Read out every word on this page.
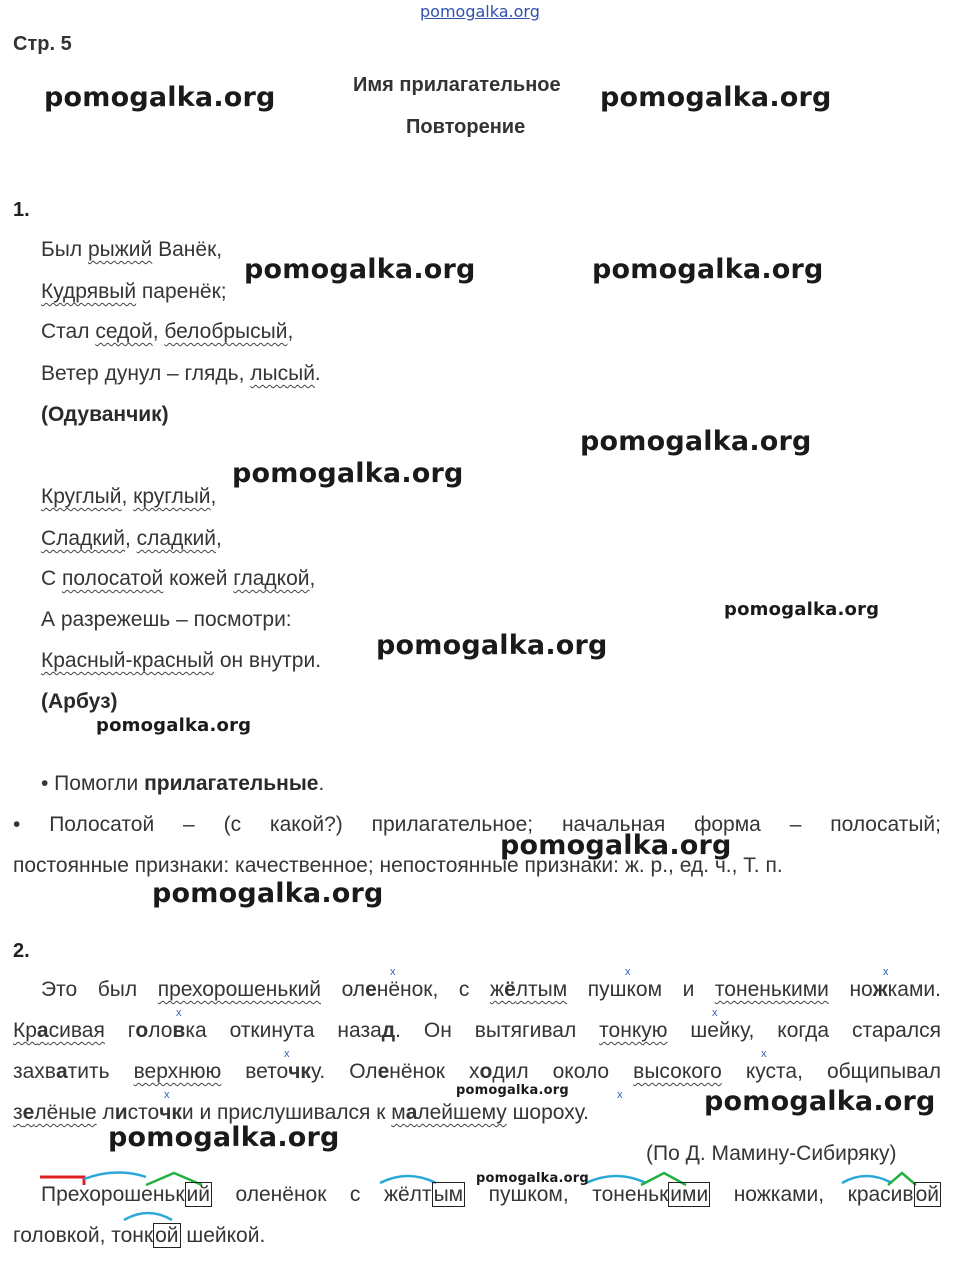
pomogalka.org
Стр. 5
Имя прилагательное
Повторение
1.
Был рыжий Ванёк,
Кудрявый паренёк;
Стал седой, белобрысый,
Ветер дунул – глядь, лысый.
(Одуванчик)
Круглый, круглый,
Сладкий, сладкий,
С полосатой кожей гладкой,
А разрежешь – посмотри:
Красный-красный он внутри.
(Арбуз)
• Помогли прилагательные.
• Полосатой – (с какой?) прилагательное; начальная форма – полосатый;
постоянные признаки: качественное; непостоянные признаки: ж. р., ед. ч., Т. п.
2.
х	х	х
Это был прехорошенький оленёнок, с жёлтым пушком и тоненькими ножками.
х
Красивая головка откинута назад. Он вытягивал тонкую шейку, когда старался
х
х
х
захватить верхнюю веточку. Оленёнок ходил около высокого куста, общипывал
х	х
зелёные листочки и прислушивался к малейшему шороху.
(По Д. Мамину-Сибиряку)
Прехорошенький оленёнок с жёлтым пушком, тоненькими ножками, красивой
головкой, тонкой шейкой.
pomogalka.org	pomogalka.org
pomogalka.org	pomogalka.org
pomogalka.org
pomogalka.org
pomogalka.org
pomogalka.org
pomogalka.org
pomogalka.org
pomogalka.org
pomogalka.org	pomogalka.org
pomogalka.org
pomogalka.org
